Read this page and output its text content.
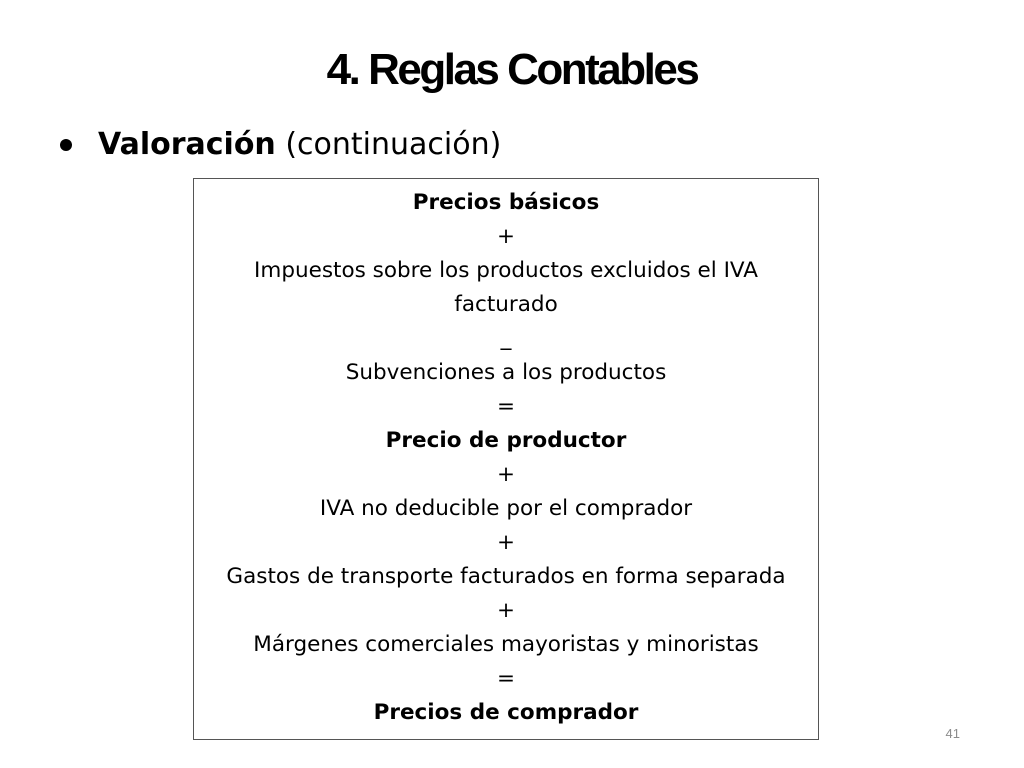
4. Reglas Contables
Valoración
(continuación)
Precios básicos
+
Impuestos sobre los productos excluidos el IVA
facturado
_
Subvenciones a los productos
=
Precio de productor
+
IVA no deducible por el comprador
+
Gastos de transporte facturados en forma separada
+
Márgenes comerciales mayoristas y minoristas
=
Precios de comprador
41
